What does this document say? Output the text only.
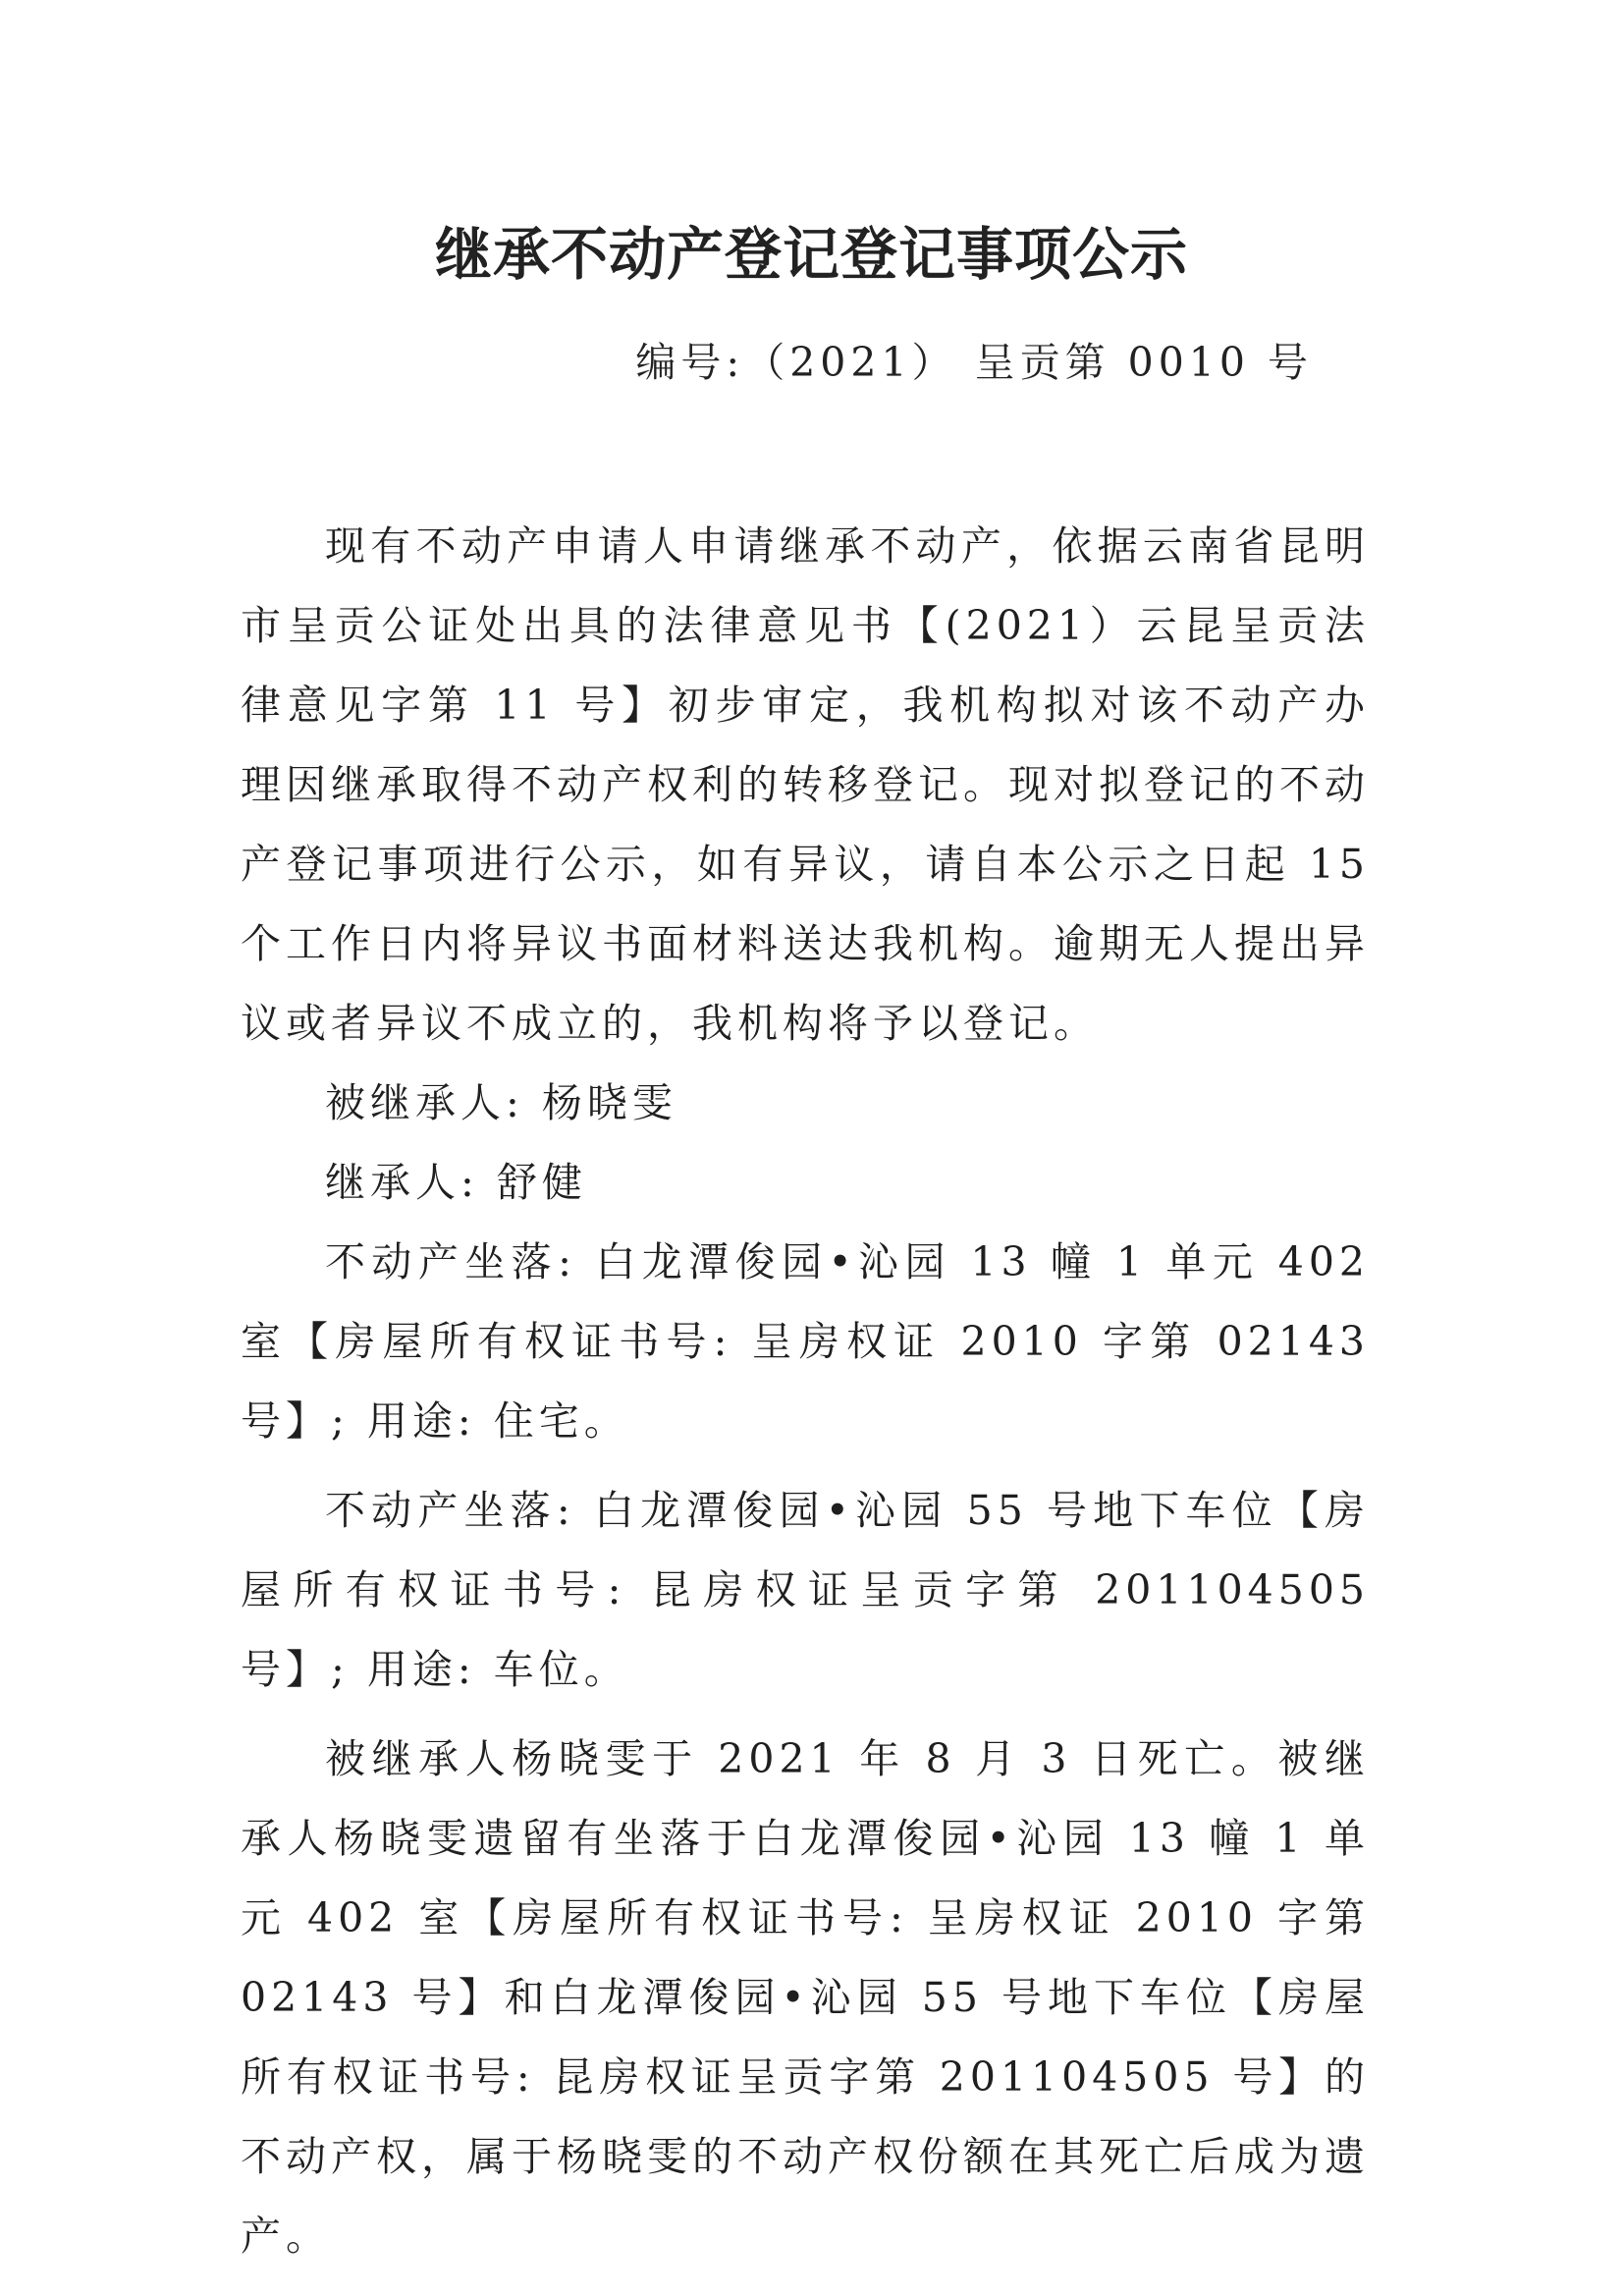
继承不动产登记登记事项公示
编号:（2021） 呈贡第 0010 号

现有不动产申请人申请继承不动产，依据云南省昆明市呈贡公证处出具的法律意见书【(2021）云昆呈贡法律意见字第 11 号】初步审定，我机构拟对该不动产办理因继承取得不动产权利的转移登记。现对拟登记的不动产登记事项进行公示，如有异议，请自本公示之日起 15 个工作日内将异议书面材料送达我机构。逾期无人提出异议或者异议不成立的，我机构将予以登记。

被继承人: 杨晓雯

继承人: 舒健

不动产坐落: 白龙潭俊园•沁园 13 幢 1 单元 402 室【房屋所有权证书号: 呈房权证 2010 字第 02143 号】; 用途: 住宅。

不动产坐落: 白龙潭俊园•沁园 55 号地下车位【房屋所有权证书号: 昆房权证呈贡字第 201104505 号】; 用途: 车位。

被继承人杨晓雯于 2021 年 8 月 3 日死亡。被继承人杨晓雯遗留有坐落于白龙潭俊园•沁园 13 幢 1 单元 402 室【房屋所有权证书号: 呈房权证 2010 字第 02143 号】和白龙潭俊园•沁园 55 号地下车位【房屋所有权证书号: 昆房权证呈贡字第 201104505 号】的不动产权，属于杨晓雯的不动产权份额在其死亡后成为遗产。
